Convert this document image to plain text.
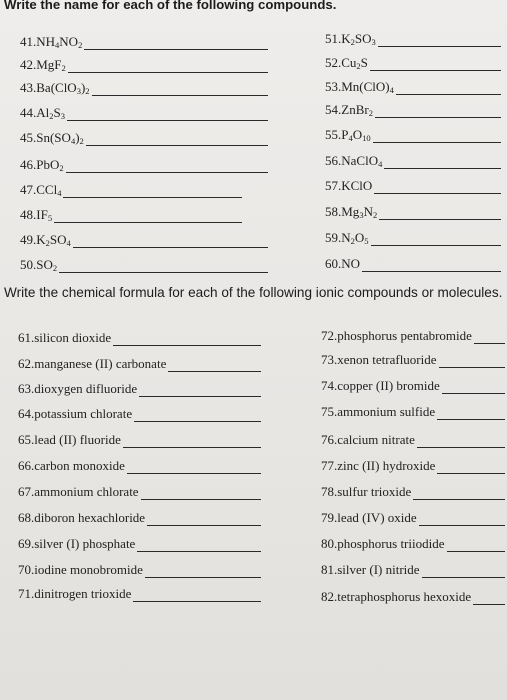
Write the name for each of the following compounds.
Write the chemical formula for each of the following ionic compounds or molecules.
$41.NH_4NO_2$
42.MgF$_2$
$43.Ba(ClO_3)_2$
$44.Al_2S_3$
$45.Sn(SO_4)_2$
46.PbO$_2$
47.CCl$_4$
$48.IF_5$
$49.K_2SO_4$
$50.SO_2$
$51.K_2SO_3$
$52.Cu_2S$
$53.Mn(ClO)_4$
54.ZnBr$_2$
$55.P_4O_{10}$
56.NaClO$_4$
57.KClO
$58.Mg_3N_2$
$59.N_2O_5$
60.NO
61.silicon dioxide
62.manganese (II) carbonate
63.dioxygen difluoride
64.potassium chlorate
65.lead (II) fluoride
66.carbon monoxide
67.ammonium chlorate
68.diboron hexachloride
69.silver (I) phosphate
70.iodine monobromide
71.dinitrogen trioxide
72.phosphorus pentabromide
73.xenon tetrafluoride
74.copper (II) bromide
75.ammonium sulfide
76.calcium nitrate
77.zinc (II) hydroxide
78.sulfur trioxide
79.lead (IV) oxide
80.phosphorus triiodide
81.silver (I) nitride
82.tetraphosphorus hexoxide
